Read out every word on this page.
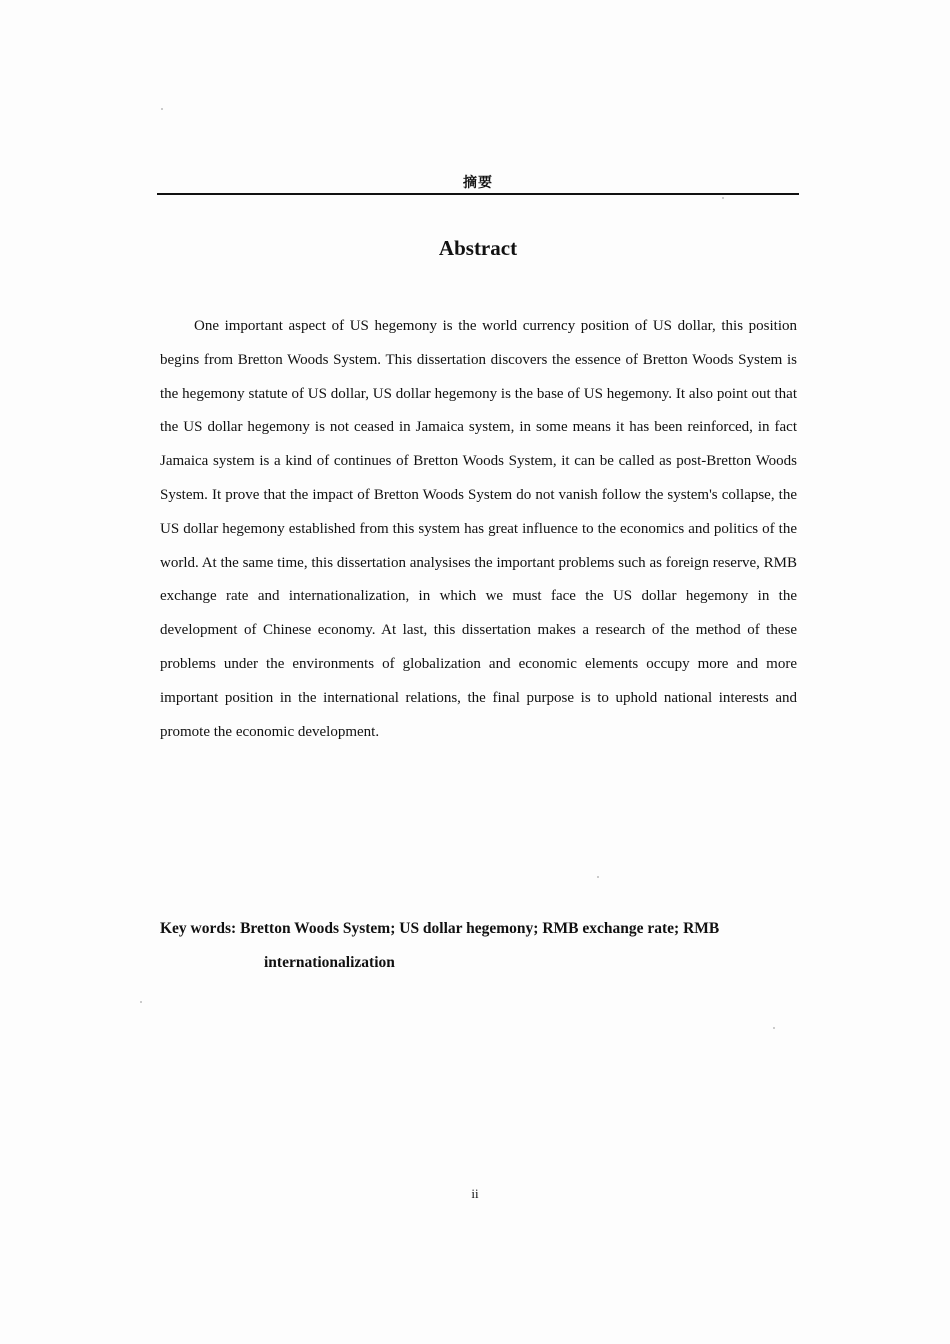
摘要
Abstract

One important aspect of US hegemony is the world currency position of US dollar, this position begins from Bretton Woods System. This dissertation discovers the essence of Bretton Woods System is the hegemony statute of US dollar, US dollar hegemony is the base of US hegemony. It also point out that the US dollar hegemony is not ceased in Jamaica system, in some means it has been reinforced, in fact Jamaica system is a kind of continues of Bretton Woods System, it can be called as post-Bretton Woods System. It prove that the impact of Bretton Woods System do not vanish follow the system's collapse, the US dollar hegemony established from this system has great influence to the economics and politics of the world. At the same time, this dissertation analysises the important problems such as foreign reserve, RMB exchange rate and internationalization, in which we must face the US dollar hegemony in the development of Chinese economy. At last, this dissertation makes a research of the method of these problems under the environments of globalization and economic elements occupy more and more important position in the international relations, the final purpose is to uphold national interests and promote the economic development.

Key words: Bretton Woods System; US dollar hegemony; RMB exchange rate; RMB
internationalization
ii
